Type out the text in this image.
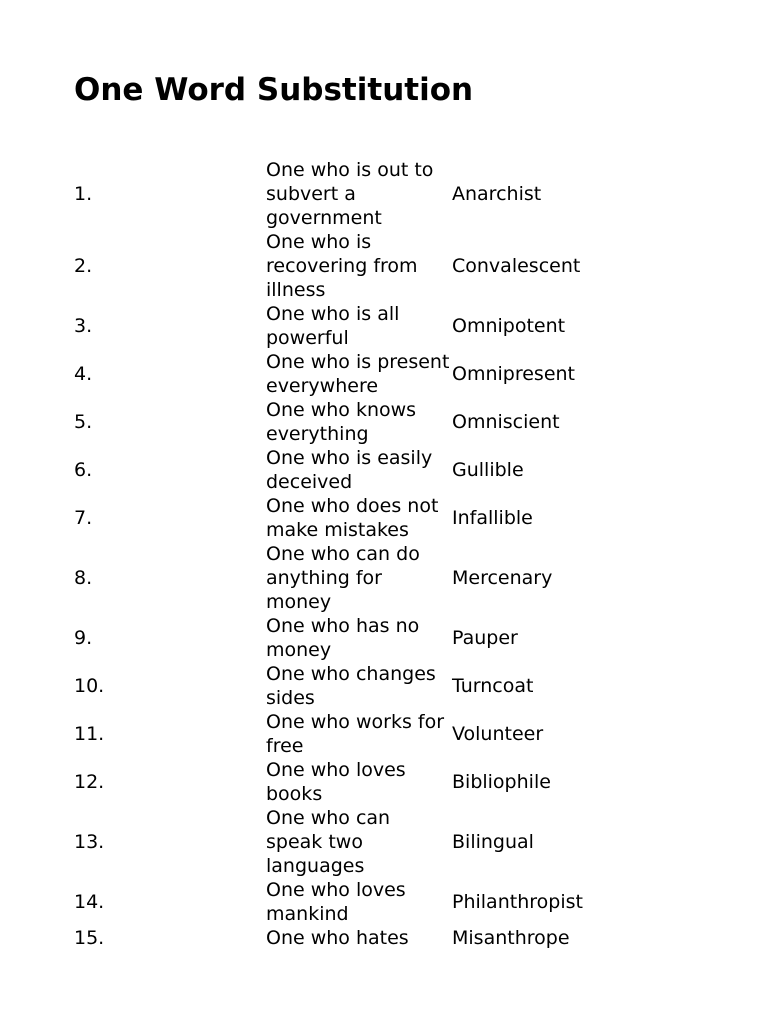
One Word Substitution
1.	One who is out to subvert a government	Anarchist
2.	One who is recovering from illness	Convalescent
3.	One who is all powerful	Omnipotent
4.	One who is present everywhere	Omnipresent
5.	One who knows everything	Omniscient
6.	One who is easily deceived	Gullible
7.	One who does not make mistakes	Infallible
8.	One who can do anything for money	Mercenary
9.	One who has no money	Pauper
10.	One who changes sides	Turncoat
11.	One who works for free	Volunteer
12.	One who loves books	Bibliophile
13.	One who can speak two languages	Bilingual
14.	One who loves mankind	Philanthropist
15.	One who hates	Misanthrope
